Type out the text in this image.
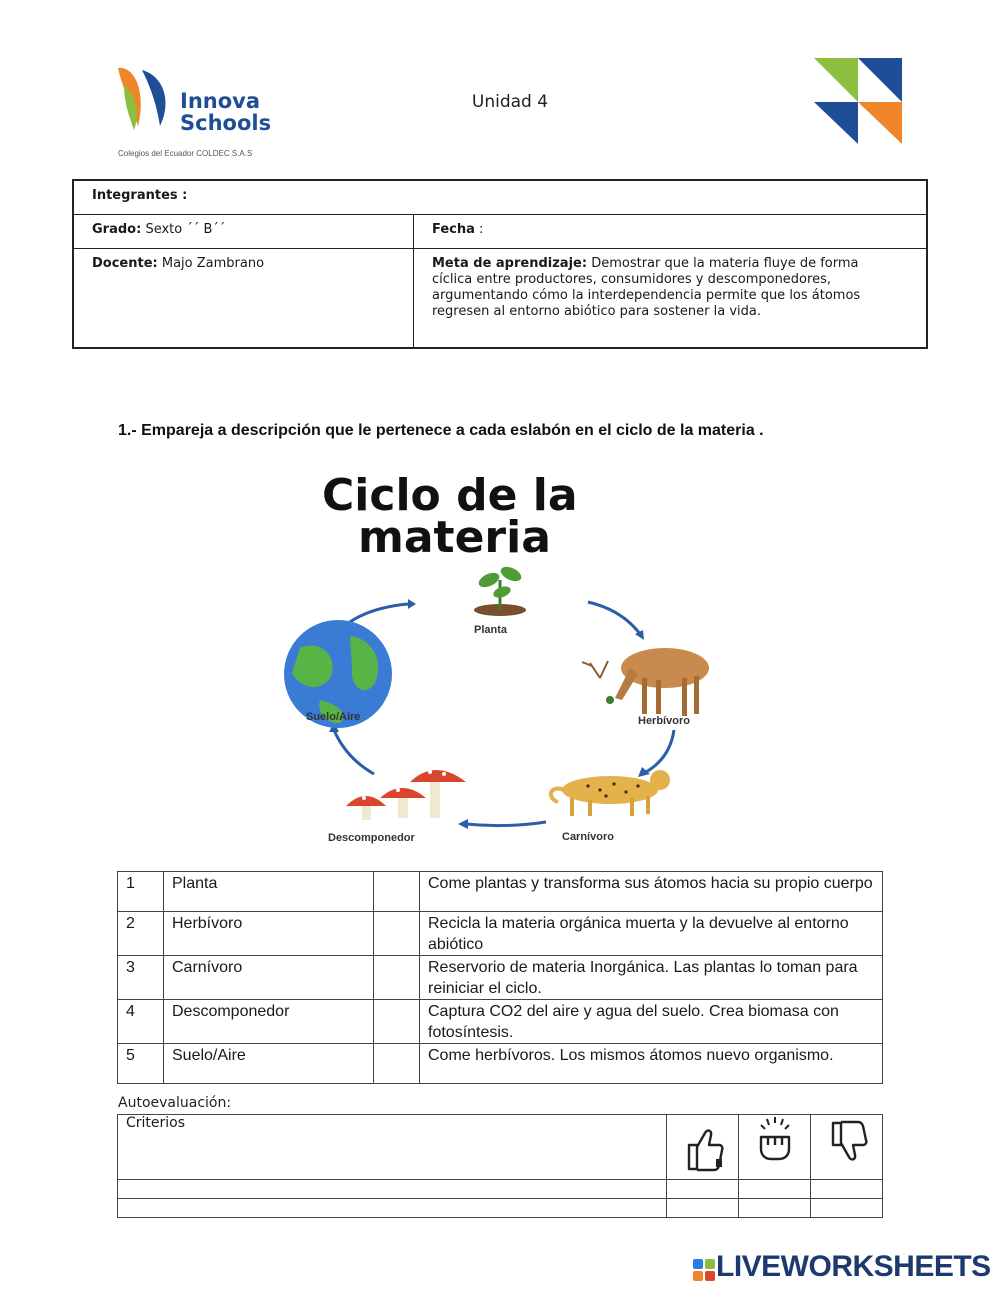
Innova
Schools
Colegios del Ecuador COLDEC S.A.S
Unidad 4
Integrantes :
Grado: Sexto ´´ B´´	Fecha :
Docente: Majo Zambrano	Meta de aprendizaje: Demostrar que la materia fluye de forma cíclica entre productores, consumidores y descomponedores, argumentando cómo la interdependencia permite que los átomos regresen al entorno abiótico para sostener la vida.
1.- Empareja a descripción que le pertenece a cada eslabón en el ciclo de la materia .
Ciclo de la
materia
Planta
Suelo/Aire	Herbívoro
Carnívoro
Descomponedor
1	Planta		Come plantas y transforma sus átomos hacia su propio cuerpo
2	Herbívoro		Recicla la materia orgánica muerta y la devuelve al entorno abiótico
3	Carnívoro		Reservorio de materia Inorgánica. Las plantas lo toman para reiniciar el ciclo.
4	Descomponedor		Captura CO2 del aire y agua del suelo. Crea biomasa con fotosíntesis.
5	Suelo/Aire		Come herbívoros. Los mismos átomos nuevo organismo.
Autoevaluación:
Criterios			

LIVEWORKSHEETS
